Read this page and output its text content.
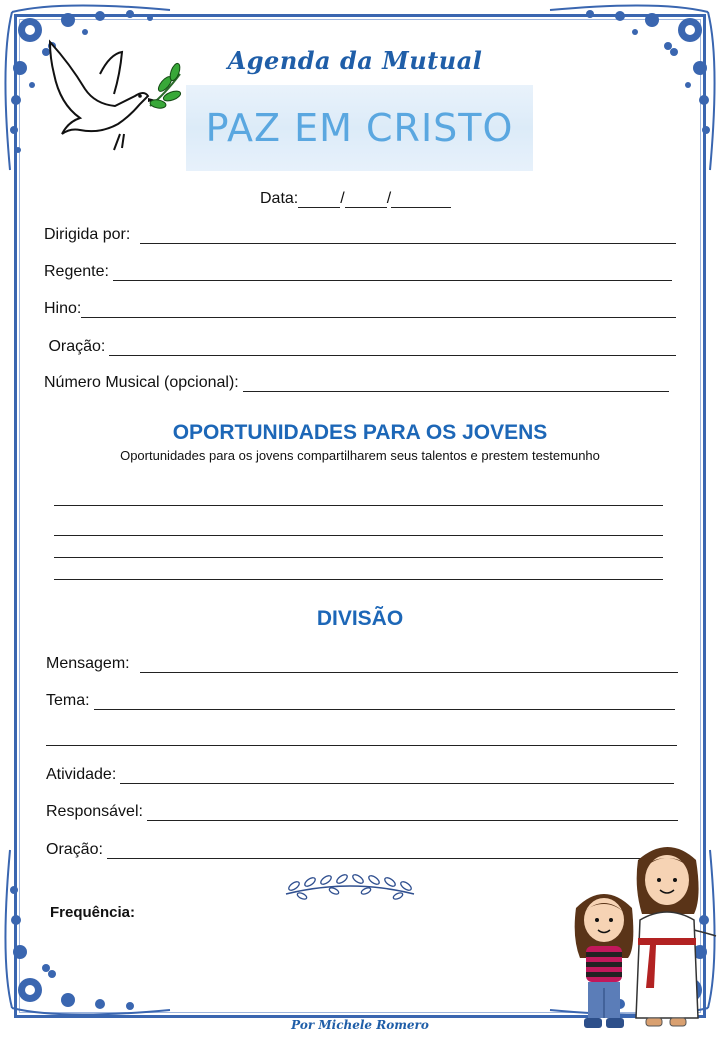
Agenda da Mutual
PAZ EM CRISTO
Data:	/	/
Dirigida por:
Regente:
Hino:
Oração:
Número Musical (opcional):
OPORTUNIDADES PARA OS JOVENS
Oportunidades para os jovens compartilharem seus talentos e prestem testemunho
DIVISÃO
Mensagem:
Tema:
Atividade:
Responsável:
Oração:
Frequência:
Por Michele Romero
